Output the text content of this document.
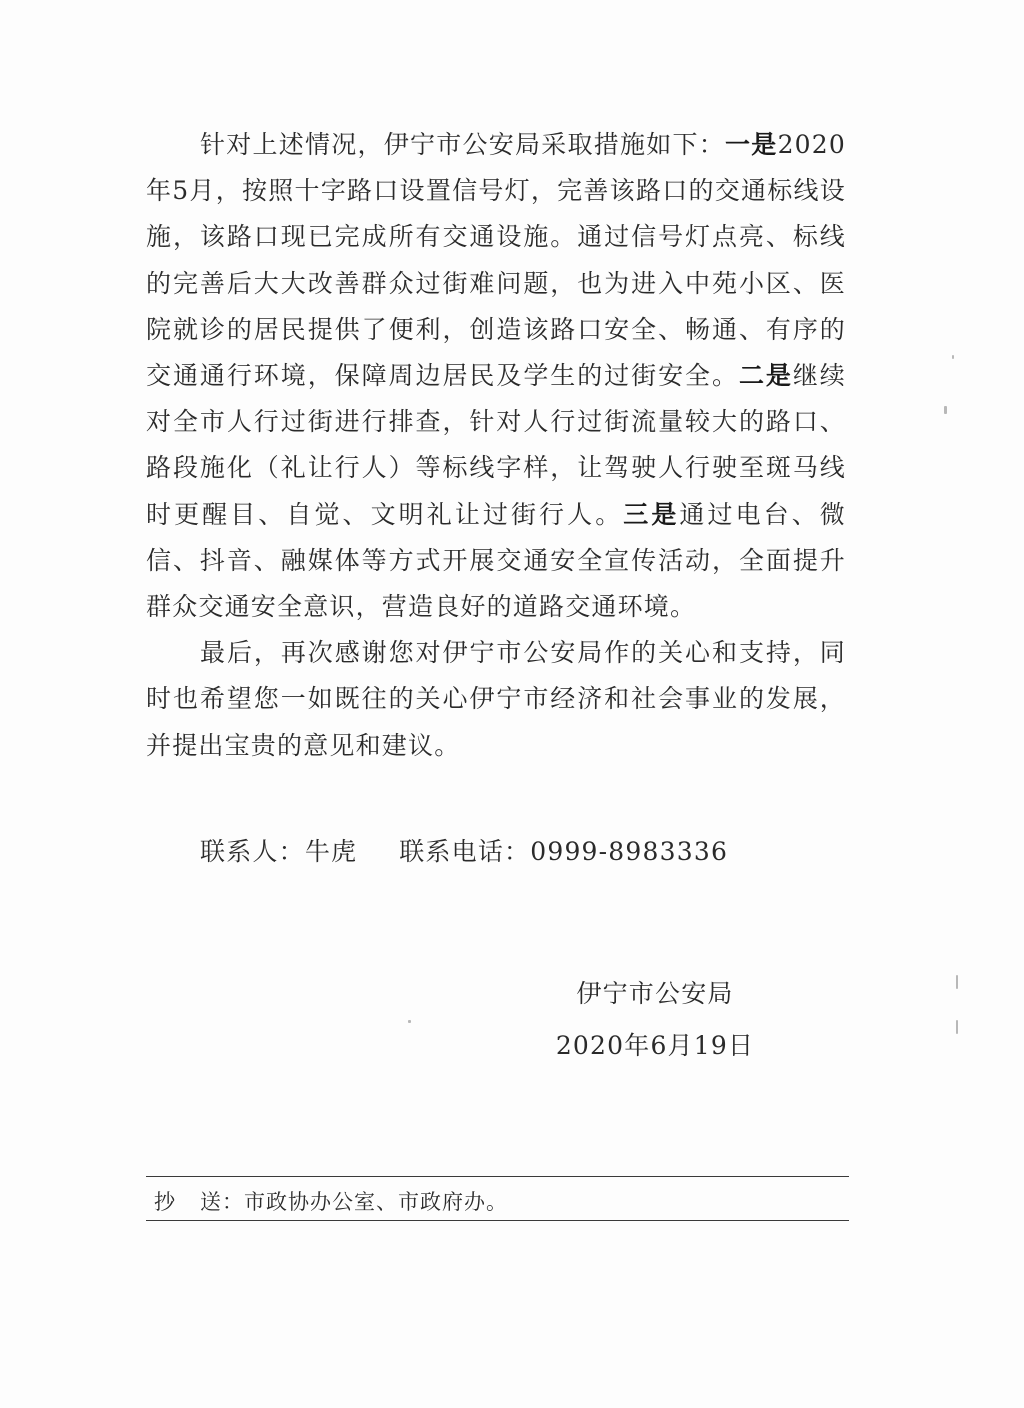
针对上述情况，伊宁市公安局采取措施如下：一是2020年5月，按照十字路口设置信号灯，完善该路口的交通标线设施，该路口现已完成所有交通设施。通过信号灯点亮、标线的完善后大大改善群众过街难问题，也为进入中苑小区、医院就诊的居民提供了便利，创造该路口安全、畅通、有序的交通通行环境，保障周边居民及学生的过街安全。二是继续对全市人行过街进行排查，针对人行过街流量较大的路口、路段施化（礼让行人）等标线字样，让驾驶人行驶至斑马线时更醒目、自觉、文明礼让过街行人。三是通过电台、微信、抖音、融媒体等方式开展交通安全宣传活动，全面提升群众交通安全意识，营造良好的道路交通环境。

最后，再次感谢您对伊宁市公安局作的关心和支持，同时也希望您一如既往的关心伊宁市经济和社会事业的发展，并提出宝贵的意见和建议。

联系人：牛虎 联系电话：0999-8983336
伊宁市公安局
2020年6月19日
抄 送：市政协办公室、市政府办。
